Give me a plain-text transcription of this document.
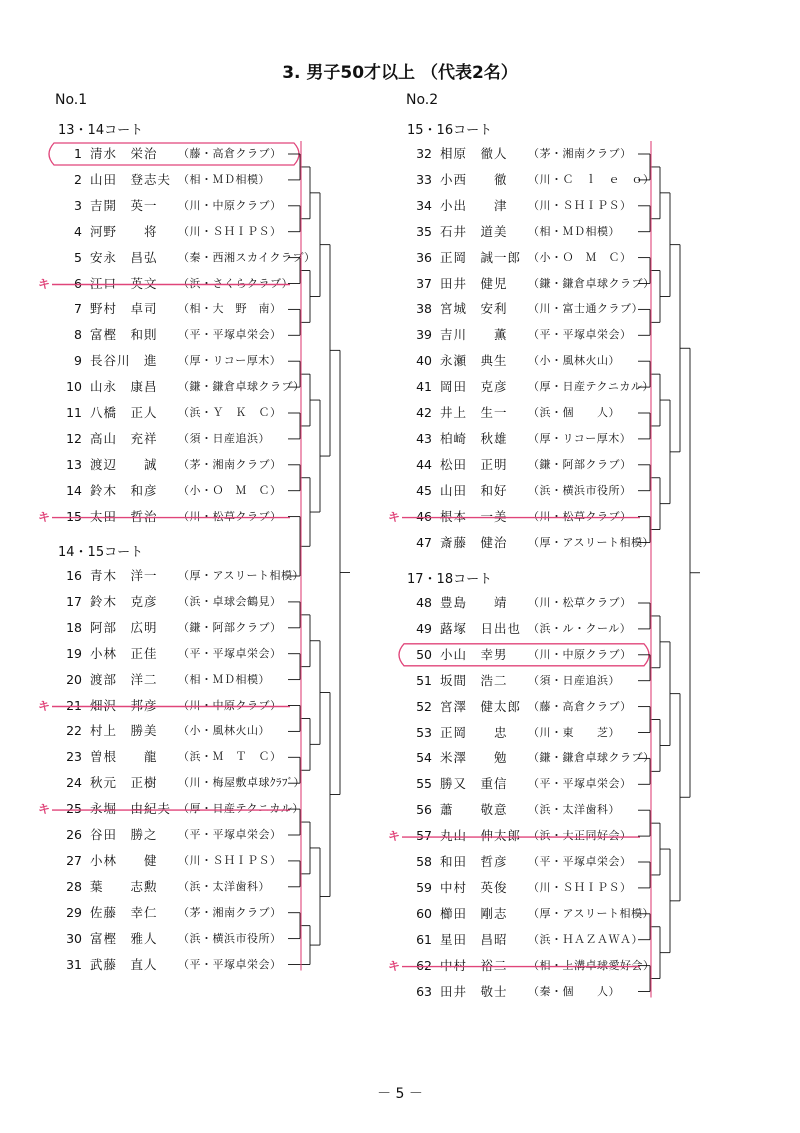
3. 男子50才以上 （代表2名）
No.1	No.2
13・14コート
14・15コート
15・16コート
17・18コート
1 清水　栄治	（藤・高倉クラブ）
2 山田　登志夫 （相・ＭＤ相模）
3 吉開　英一	（川・中原クラブ）
4 河野　　将	（川・ＳＨＩＰＳ）
5 安永　昌弘	（秦・西湘スカイクラブ）
6 江口　英文	（浜・さくらクラブ）
キ
7 野村　卓司	（相・大　野　南）
8 富樫　和則	（平・平塚卓栄会）
9 長谷川　進	（厚・リコー厚木）
10 山永　康昌	（鎌・鎌倉卓球クラブ）
11 八橋　正人	（浜・Ｙ　Ｋ　Ｃ）
12 高山　充祥	（須・日産追浜）
13 渡辺　　誠	（茅・湘南クラブ）
14 鈴木　和彦	（小・Ｏ　Ｍ　Ｃ）
15 太田　哲治	（川・松草クラブ）
キ
16 青木　洋一	（厚・アスリート相模）
17 鈴木　克彦	（浜・卓球会鶴見）
18 阿部　広明	（鎌・阿部クラブ）
19 小林　正佳	（平・平塚卓栄会）
20 渡部　洋二	（相・ＭＤ相模）
21 畑沢　邦彦	（川・中原クラブ）
キ
22 村上　勝美	（小・風林火山）
23 曽根　　龍	（浜・Ｍ　Ｔ　Ｃ）
24 秋元　正樹	（川・梅屋敷卓球ｸﾗﾌﾞ）
25 永堀　由紀夫 （厚・日産テクニカル）
キ
26 谷田　勝之	（平・平塚卓栄会）
27 小林　　健	（川・ＳＨＩＰＳ）
28 葉　　志勲	（浜・太洋歯科）
29 佐藤　幸仁	（茅・湘南クラブ）
30 富樫　雅人	（浜・横浜市役所）
31 武藤　直人	（平・平塚卓栄会）
32 相原　徹人	（茅・湘南クラブ）
33 小西　　徹	（川・Ｃ　ｌ　ｅ　ｏ）
34 小出　　津	（川・ＳＨＩＰＳ）
35 石井　道美	（相・ＭＤ相模）
36 正岡　誠一郎 （小・Ｏ　Ｍ　Ｃ）
37 田井　健児	（鎌・鎌倉卓球クラブ）
38 宮城　安利	（川・富士通クラブ）
39 吉川　　薫	（平・平塚卓栄会）
40 永瀬　典生	（小・風林火山）
41 岡田　克彦	（厚・日産テクニカル）
42 井上　生一	（浜・個　　人）
43 柏崎　秋雄	（厚・リコー厚木）
44 松田　正明	（鎌・阿部クラブ）
45 山田　和好	（浜・横浜市役所）
46 根本　一美	（川・松草クラブ）
キ
47 斎藤　健治	（厚・アスリート相模）
48 豊島　　靖	（川・松草クラブ）
49 蕗塚　日出也 （浜・ル・クール）
50 小山　幸男	（川・中原クラブ）
51 坂間　浩二	（須・日産追浜）
52 宮澤　健太郎 （藤・高倉クラブ）
53 正岡　　忠	（川・東　　芝）
54 米澤　　勉	（鎌・鎌倉卓球クラブ）
55 勝又　重信	（平・平塚卓栄会）
56 蕭　　敬意	（浜・太洋歯科）
57 丸山　伸太郎 （浜・大正同好会）
キ
58 和田　哲彦	（平・平塚卓栄会）
59 中村　英俊	（川・ＳＨＩＰＳ）
60 櫛田　剛志	（厚・アスリート相模）
61 星田　昌昭	（浜・ＨＡＺＡＷＡ）
62 中村　裕二	（相・上溝卓球愛好会）
キ
63 田井　敬士	（秦・個　　人）
－ 5 －
